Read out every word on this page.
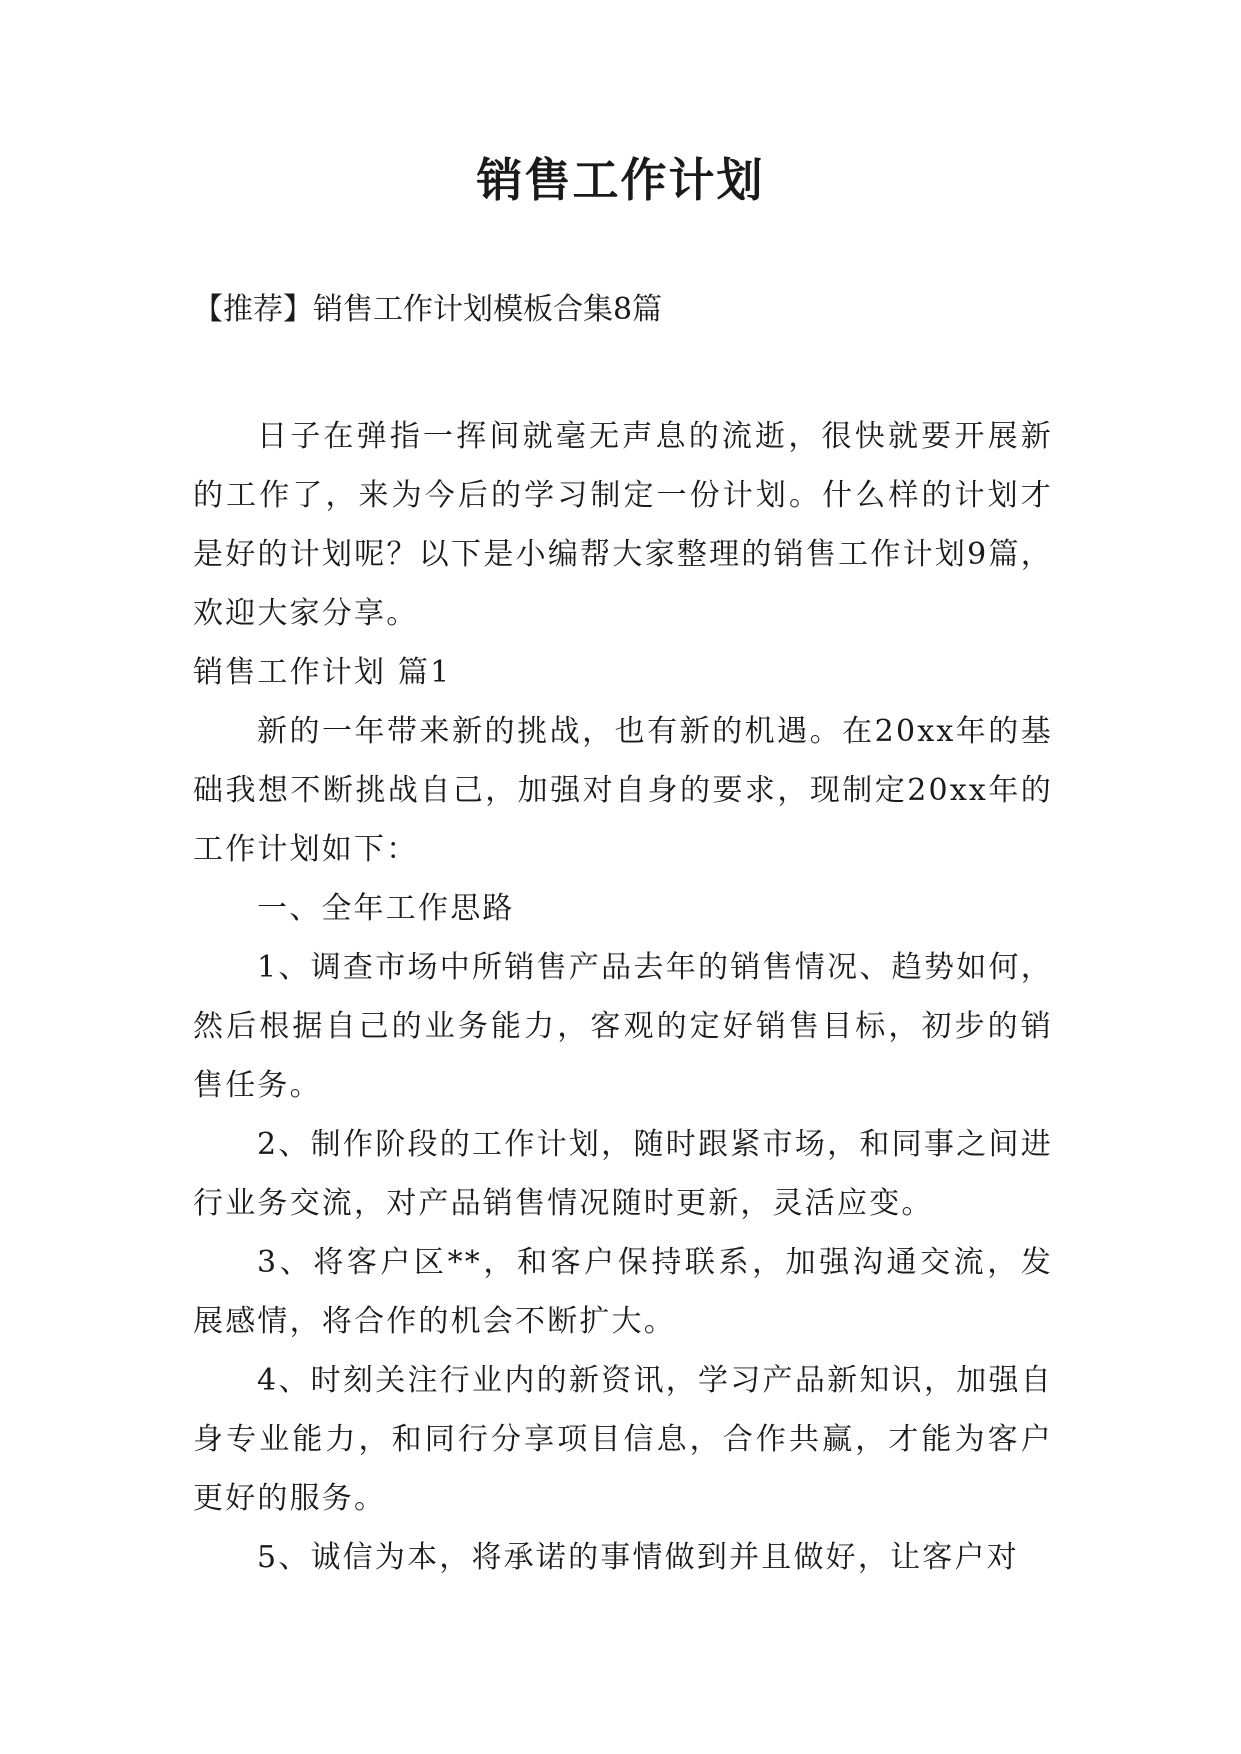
销售工作计划

【推荐】销售工作计划模板合集8篇

日子在弹指一挥间就毫无声息的流逝，很快就要开展新的工作了，来为今后的学习制定一份计划。什么样的计划才是好的计划呢？以下是小编帮大家整理的销售工作计划9篇，欢迎大家分享。

销售工作计划 篇1

新的一年带来新的挑战，也有新的机遇。在20xx年的基础我想不断挑战自己，加强对自身的要求，现制定20xx年的工作计划如下：

一、全年工作思路

1、调查市场中所销售产品去年的销售情况、趋势如何，然后根据自己的业务能力，客观的定好销售目标，初步的销售任务。

2、制作阶段的工作计划，随时跟紧市场，和同事之间进行业务交流，对产品销售情况随时更新，灵活应变。

3、将客户区**，和客户保持联系，加强沟通交流，发展感情，将合作的机会不断扩大。

4、时刻关注行业内的新资讯，学习产品新知识，加强自身专业能力，和同行分享项目信息，合作共赢，才能为客户更好的服务。

5、诚信为本，将承诺的事情做到并且做好，让客户对
